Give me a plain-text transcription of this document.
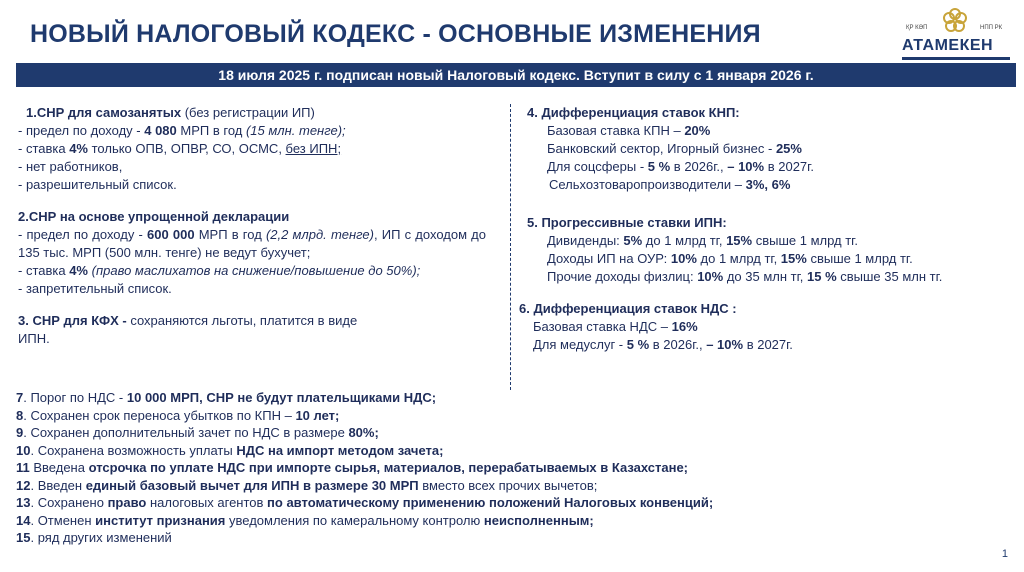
НОВЫЙ НАЛОГОВЫЙ КОДЕКС - ОСНОВНЫЕ ИЗМЕНЕНИЯ	ҚР КӘП	НПП РК
АТАМЕКЕН
18 июля 2025 г. подписан новый Налоговый кодекс. Вступит в силу с 1 января 2026 г.
1.СНР для самозанятых (без регистрации ИП)
- предел по доходу - 4 080 МРП в год (15 млн. тенге);
- ставка 4% только ОПВ, ОПВР, СО, ОСМС, без ИПН;
- нет работников,
- разрешительный список.
2.СНР на основе упрощенной декларации
- предел по доходу - 600 000 МРП в год (2,2 млрд. тенге), ИП с доходом до 135 тыс. МРП (500 млн. тенге) не ведут бухучет;
- ставка 4% (право маслихатов на снижение/повышение до 50%);
- запретительный список.
3. СНР для КФХ - сохраняются льготы, платится в виде ИПН.
4. Дифференциация ставок КНП:
Базовая ставка КПН – 20%
Банковский сектор, Игорный бизнес - 25%
Для соцсферы - 5 % в 2026г., – 10% в 2027г.
Сельхозтоваропроизводители – 3%, 6%
5. Прогрессивные ставки ИПН:
Дивиденды: 5% до 1 млрд тг, 15% свыше 1 млрд тг.
Доходы ИП на ОУР: 10% до 1 млрд тг, 15% свыше 1 млрд тг.
Прочие доходы физлиц: 10% до 35 млн тг, 15 % свыше 35 млн тг.
6. Дифференциация ставок НДС :
Базовая ставка НДС – 16%
Для медуслуг - 5 % в 2026г., – 10% в 2027г.
7. Порог по НДС - 10 000 МРП, СНР не будут плательщиками НДС;
8. Сохранен срок переноса убытков по КПН – 10 лет;
9. Сохранен дополнительный зачет по НДС в размере 80%;
10. Сохранена возможность уплаты НДС на импорт методом зачета;
11 Введена отсрочка по уплате НДС при импорте сырья, материалов, перерабатываемых в Казахстане;
12. Введен единый базовый вычет для ИПН в размере 30 МРП вместо всех прочих вычетов;
13. Сохранено право налоговых агентов по автоматическому применению положений Налоговых конвенций;
14. Отменен институт признания уведомления по камеральному контролю неисполненным;
15. ряд других изменений
1
